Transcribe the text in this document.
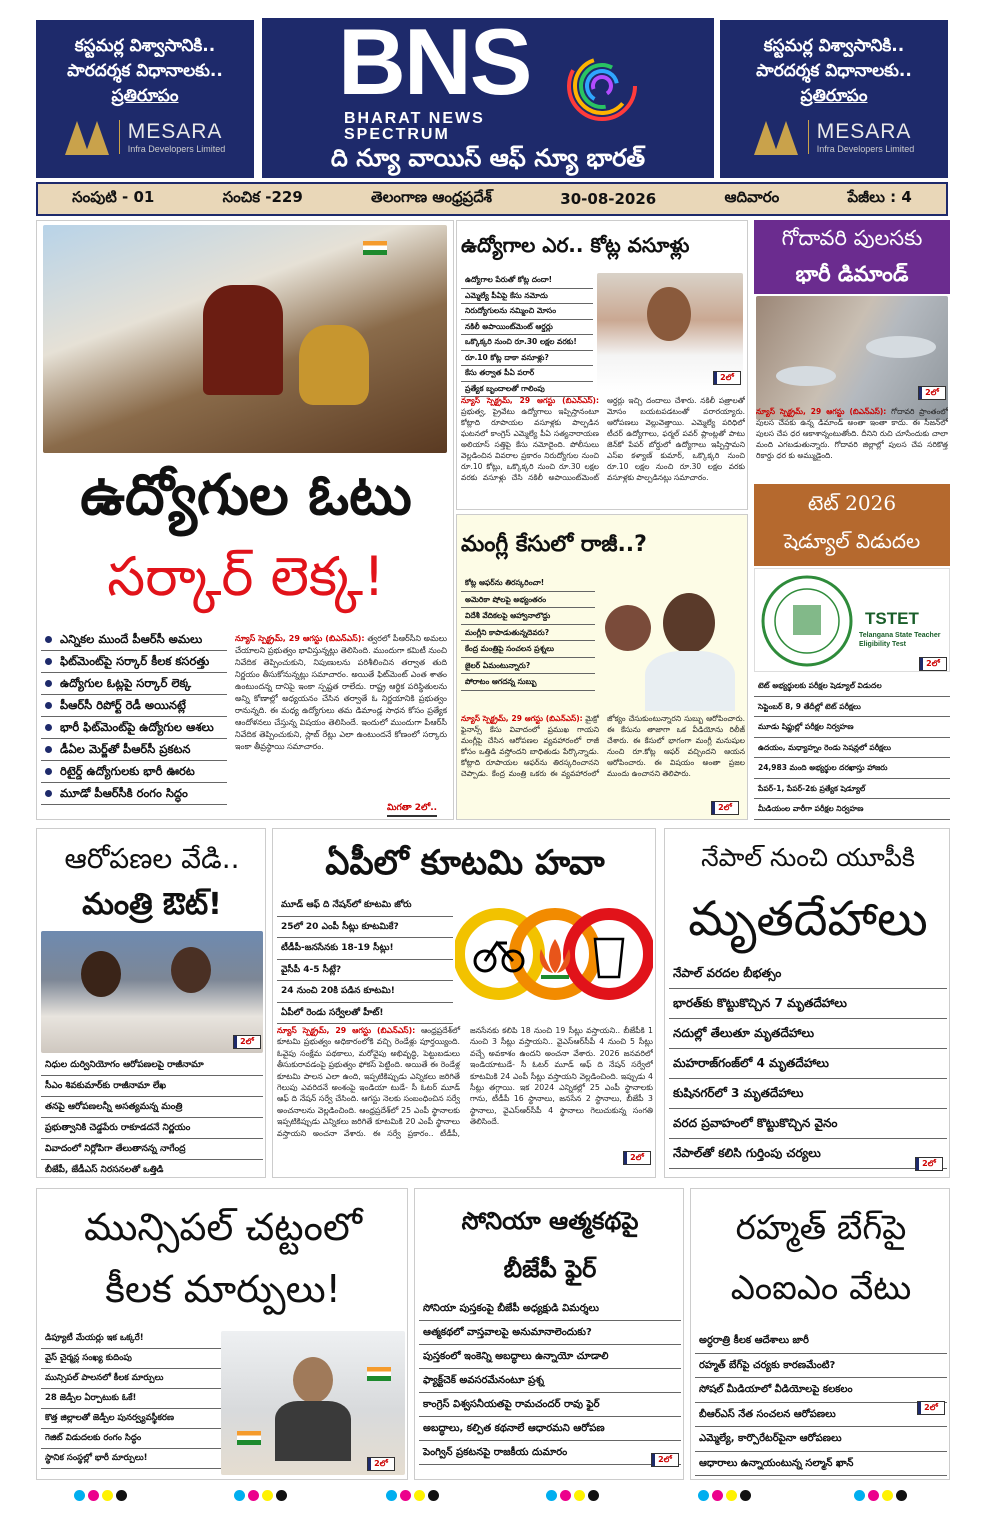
కస్టమర్ల విశ్వాసానికి..
పారదర్శక విధానాలకు..
ప్రతిరూపం
MESARA
Infra Developers Limited
BNS
BHARAT NEWS
SPECTRUM
ది న్యూ వాయిస్ ఆఫ్ న్యూ భారత్
కస్టమర్ల విశ్వాసానికి..
పారదర్శక విధానాలకు..
ప్రతిరూపం
MESARA
Infra Developers Limited
సంపుటి - 01	సంచిక -229	తెలంగాణ ఆంధ్రప్రదేశ్	30-08-2026	ఆదివారం	పేజీలు : 4
ఉద్యోగుల ఓటు
సర్కార్ లెక్క!
ఎన్నికల ముందే పీఆర్‌సీ అమలు
ఫిట్‌మెంట్‌పై సర్కార్ కీలక కసరత్తు
ఉద్యోగుల ఓట్లపై సర్కార్ లెక్క
పీఆర్‌సీ రిపోర్ట్ రెడీ అయినట్లే
భారీ ఫిట్‌మెంట్‌పై ఉద్యోగుల ఆశలు
డీఏల మెర్జ్‌తో పీఆర్‌సీ ప్రకటన
రిటైర్డ్ ఉద్యోగులకు భారీ ఊరట
మూడో పీఆర్‌సీకి రంగం సిద్ధం
న్యూస్ స్పెక్ట్రమ్, 29 ఆగస్టు (బిఎన్ఎస్): త్వరలో పీఆర్‌సీని అమలు చేయాలని ప్రభుత్వం భావిస్తున్నట్లు తెలిసింది. ముందుగా కమిటీ నుంచి నివేదిక తెప్పించుకుని, నిపుణులను పరిశీలించిన తర్వాత తుది నిర్ణయం తీసుకోనున్నట్లు సమాచారం. అయితే ఫిట్‌మెంట్ ఎంత శాతం ఉంటుందన్న దానిపై ఇంకా స్పష్టత రాలేదు. రాష్ట్ర ఆర్థిక పరిస్థితులను అన్ని కోణాల్లో అధ్యయనం చేసిన తర్వాతే ఓ నిర్ణయానికి ప్రభుత్వం రానున్నది. ఈ మధ్య ఉద్యోగులు తమ డిమాండ్ల సాధన కోసం ప్రత్యేక ఆందోళనలు చేస్తున్న విషయం తెలిసిందే. ఇందులో ముందుగా పీఆర్‌సీ నివేదిక తెప్పించుకుని, స్లాబ్ రేట్లు ఎలా ఉంటుందనే కోణంలో సర్కారు ఇంకా తీవ్రస్థాయి సమాచారం.
మిగతా 2లో..
ఉద్యోగాల ఎర.. కోట్ల వసూళ్లు
ఉద్యోగాల పేరుతో కోట్ల దందా!
ఎమ్మెల్యే పీఏపై కేసు నమోదు
నిరుద్యోగులను నమ్మించి మోసం
నకిలీ అపాయింట్‌మెంట్ ఆర్డర్లు
ఒక్కొక్కరి నుంచి రూ.30 లక్షల వరకు!
రూ.10 కోట్ల దాకా వసూళ్లు?
కేసు తర్వాత పీఏ పరార్
ప్రత్యేక బృందాలతో గాలింపు
2లో
న్యూస్ స్పెక్ట్రమ్, 29 ఆగస్టు (బిఎన్ఎస్): ప్రభుత్వ, ప్రైవేటు ఉద్యోగాలు ఇప్పిస్తానంటూ కోట్లాది రూపాయల వసూళ్లకు పాల్పడిన ఘటనలో కాంగ్రెస్ ఎమ్మెల్యే పీఏ సత్యనారాయణ అలియాస్ సత్తిపై కేసు నమోదైంది. పోలీసులు వెల్లడించిన వివరాల ప్రకారం నిరుద్యోగుల నుంచి రూ.10 కోట్లు, ఒక్కొక్కరి నుంచి రూ.30 లక్షల వరకు వసూళ్లు చేసి నకిలీ అపాయింట్‌మెంట్ ఆర్డర్లు ఇచ్చి దందాలు చేశారు. నకిలీ పత్రాలతో మోసం బయటపడటంతో పరారయ్యారు. ఆరోపణలు వెల్లువెత్తాయి. ఎమ్మెల్యే పరిధిలో టీచర్ ఉద్యోగాలు, ఫర్మల్ పవర్ ప్లాంట్లతో పాటు జెన్‌కో పేపర్ బోర్డులో ఉద్యోగాలు ఇప్పిస్తామని ఎస్‌ఐ కళ్యాణ్ కుమార్, ఒక్కొక్కరి నుంచి రూ.10 లక్షల నుంచి రూ.30 లక్షల వరకు వసూళ్లకు పాల్పడినట్లు సమాచారం.
గోదావరి పులసకు
భారీ డిమాండ్
2లో
న్యూస్ స్పెక్ట్రమ్, 29 ఆగస్టు (బిఎన్ఎస్): గోదావరి ప్రాంతంలో పులస చేపకు ఉన్న డిమాండ్ అంతా ఇంతా కాదు. ఈ సీజన్‌లో పులస చేప ధర ఆకాశాన్నంటుతోంది. దీనిని రుచి చూసేందుకు చాలా మంది ఎగబడుతున్నారు. గోదావరి జిల్లాల్లో పులస చేప సరికొత్త రికార్డు ధర కు అమ్ముడైంది.
మంగ్లీ కేసులో రాజీ..?
కోట్ల ఆఫర్‌ను తిరస్కరించా!
అమెరికా షోలపై అభ్యంతరం
విదేశీ వేదికలపై ఆహ్వానాలొద్దు
మంగ్లీని కాపాడుతున్నదెవరు?
కేంద్ర మంత్రిపై సంచలన ప్రశ్నలు
జైలర్ ఏమంటున్నారు?
పోరాటం ఆగదన్న సుబ్బు
న్యూస్ స్పెక్ట్రమ్, 29 ఆగస్టు (బిఎన్ఎస్): మైక్రో ఫైనాన్స్ కేసు వివాదంలో ప్రముఖ గాయని మంగ్లీపై చేసిన ఆరోపణల వ్యవహారంలో రాజీ కోసం ఒత్తిడి వస్తోందని బాధితుడు పేర్కొన్నాడు. కోట్లాది రూపాయల ఆఫర్‌ను తిరస్కరించానని చెప్పాడు. కేంద్ర మంత్రి ఒకరు ఈ వ్యవహారంలో జోక్యం చేసుకుంటున్నారని సుబ్బు ఆరోపించారు. ఈ కేసును తాజాగా ఒక వీడియోను రిలీజ్ చేశారు. ఈ కేసులో భాగంగా మంగ్లీ మనుషుల నుంచి రూ.కోట్ల ఆఫర్ వచ్చిందని ఆయన ఆరోపించారు. ఈ విషయం అంతా ప్రజల ముందు ఉంచానని తెలిపారు.
2లో
టెట్ 2026
షెడ్యూల్ విడుదల
TSTET
Telangana State Teacher Eligibility Test
2లో
టెట్ అభ్యర్థులకు పరీక్షల షెడ్యూల్ విడుదల
సెప్టెంబర్ 8, 9 తేదీల్లో టెట్ పరీక్షలు
మూడు షిఫ్టుల్లో పరీక్షల నిర్వహణ
ఉదయం, మధ్యాహ్నం రెండు సెషన్లలో పరీక్షలు
24,983 మంది అభ్యర్థుల దరఖాస్తు హాజరు
పేపర్-1, పేపర్-2కు ప్రత్యేక షెడ్యూల్
మీడియంల వారీగా పరీక్షల నిర్వహణ
ఆరోపణల వేడి..
మంత్రి ఔట్!
2లో
నిధుల దుర్వినియోగం ఆరోపణలపై రాజీనామా
సీఎం శివకుమార్‌కు రాజీనామా లేఖ
తనపై ఆరోపణలన్నీ అసత్యమన్న మంత్రి
ప్రభుత్వానికి చెడ్డపేరు రాకూడదనే నిర్ణయం
వివాదంలో నిర్లోపిగా తేలుతానన్న నాగేంద్ర
బీజేపీ, జేడీఎస్ నిరసనలతో ఒత్తిడి
ఏపీలో కూటమి హవా
మూడ్ ఆఫ్ ది నేషన్‌లో కూటమి జోరు
25లో 20 ఎంపీ సీట్లు కూటమికే?
టీడీపీ-జనసేనకు 18-19 సీట్లు!
వైసీపీ 4-5 సీట్లే?
24 నుంచి 20కి పడిన కూటమి!
ఏపీలో రెండు సర్వేలతో హీట్!
2లో
న్యూస్ స్పెక్ట్రమ్, 29 ఆగస్టు (బిఎన్ఎస్): ఆంధ్రప్రదేశ్‌లో కూటమి ప్రభుత్వం అధికారంలోకి వచ్చి రెండేళ్లు పూర్తయ్యింది. ఓవైపు సంక్షేమ పథకాలు, మరోవైపు అభివృద్ధి, పెట్టుబడులు తీసుకురావడంపై ప్రభుత్వం ఫోకస్ పెట్టింది. అయితే ఈ రెండేళ్ల కూటమి పాలన ఎలా ఉంది, ఇప్పటికిప్పుడు ఎన్నికలు జరిగితే గెలుపు ఎవరిదనే అంశంపై ఇండియా టుడే- సీ ఓటర్ మూడ్ ఆఫ్ ది నేషన్ సర్వే చేసింది. ఆగస్టు నెలకు సంబంధించిన సర్వే అంచనాలను వెల్లడించింది. ఆంధ్రప్రదేశ్‌లో 25 ఎంపీ స్థానాలకు ఇప్పటికిప్పుడు ఎన్నికలు జరిగితే కూటమికి 20 ఎంపీ స్థానాలు వస్తాయని అంచనా వేశారు. ఈ సర్వే ప్రకారం.. టీడీపీ, జనసేనకు కలిపి 18 నుంచి 19 సీట్లు వస్తాయని.. బీజేపీకి 1 నుంచి 3 సీట్లు వస్తాయని.. వైఎస్ఆర్‌సీపీ 4 నుంచి 5 సీట్లు వచ్చే అవకాశం ఉందని అంచనా వేశారు. 2026 జనవరిలో ఇండియాటుడే- సీ ఓటర్ మూడ్ ఆఫ్ ది నేషన్ సర్వేలో కూటమికి 24 ఎంపీ సీట్లు వస్తాయని వెల్లడించింది. ఇప్పుడు 4 సీట్లు తగ్గాయి. ఇక 2024 ఎన్నికల్లో 25 ఎంపీ స్థానాలకు గాను, టీడీపీ 16 స్థానాలు, జనసేన 2 స్థానాలు, బీజేపీ 3 స్థానాలు, వైఎస్ఆర్‌సీపీ 4 స్థానాలు గెలుచుకున్న సంగతి తెలిసిందే.
నేపాల్ నుంచి యూపీకి
మృతదేహాలు
నేపాల్ వరదల బీభత్సం
భారత్‌కు కొట్టుకొచ్చిన 7 మృతదేహాలు
నదుల్లో తేలుతూ మృతదేహాలు
మహరాజ్‌గంజ్‌లో 4 మృతదేహాలు
కుషినగర్‌లో 3 మృతదేహాలు
వరద ప్రవాహంలో కొట్టుకొచ్చిన వైనం
నేపాల్‌తో కలిసి గుర్తింపు చర్యలు
2లో
మున్సిపల్ చట్టంలో
కీలక మార్పులు!
డిప్యూటీ మేయర్లు ఇక ఒక్కరే!
వైస్ చైర్మన్ల సంఖ్య కుదింపు
మున్సిపల్ పాలనలో కీలక మార్పులు
28 జెడ్పీల ఏర్పాటుకు ఓకే!
కొత్త జిల్లాలతో జెడ్పీల పునర్వ్యవస్థీకరణ
గెజిట్ విడుదలకు రంగం సిద్ధం
స్థానిక సంస్థల్లో భారీ మార్పులు!	2లో
సోనియా ఆత్మకథపై
బీజేపీ ఫైర్
సోనియా పుస్తకంపై బీజేపీ అధ్యక్షుడి విమర్శలు
ఆత్మకథలో వాస్తవాలపై అనుమానాలెందుకు?
పుస్తకంలో ఇంకెన్ని అబద్ధాలు ఉన్నాయో చూడాలి
ఫ్యాక్ట్‌చెక్ అవసరమేనంటూ ప్రశ్న
కాంగ్రెస్ విశ్వసనీయతపై రామచందర్ రావు ఫైర్
అబద్ధాలు, కల్పిత కథనాలే ఆధారమని ఆరోపణ
పెంగ్విన్ ప్రకటనపై రాజకీయ దుమారం
2లో
రహ్మత్ బేగ్‌పై
ఎంఐఎం వేటు
అర్ధరాత్రి కీలక ఆదేశాలు జారీ
రహ్మత్ బేగ్‌పై చర్యకు కారణమేంటి?
సోషల్ మీడియాలో వీడియోలపై కలకలం
బీఆర్ఎస్ నేత సంచలన ఆరోపణలు
ఎమ్మెల్యే, కార్పొరేటర్‌పైనా ఆరోపణలు
ఆధారాలు ఉన్నాయంటున్న సల్మాన్ ఖాన్
2లో
